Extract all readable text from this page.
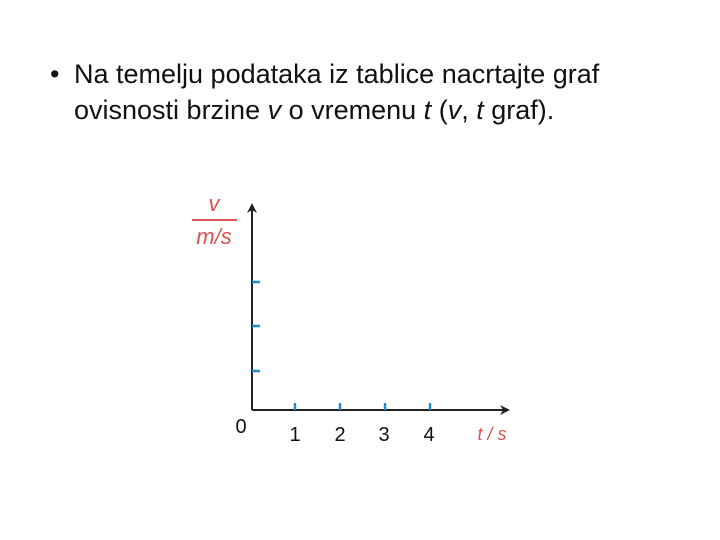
• Na temelju podataka iz tablice nacrtajte graf ovisnosti brzine v o vremenu t (v, t graf).
v
m/s
0 1 2 3 4 t / s
